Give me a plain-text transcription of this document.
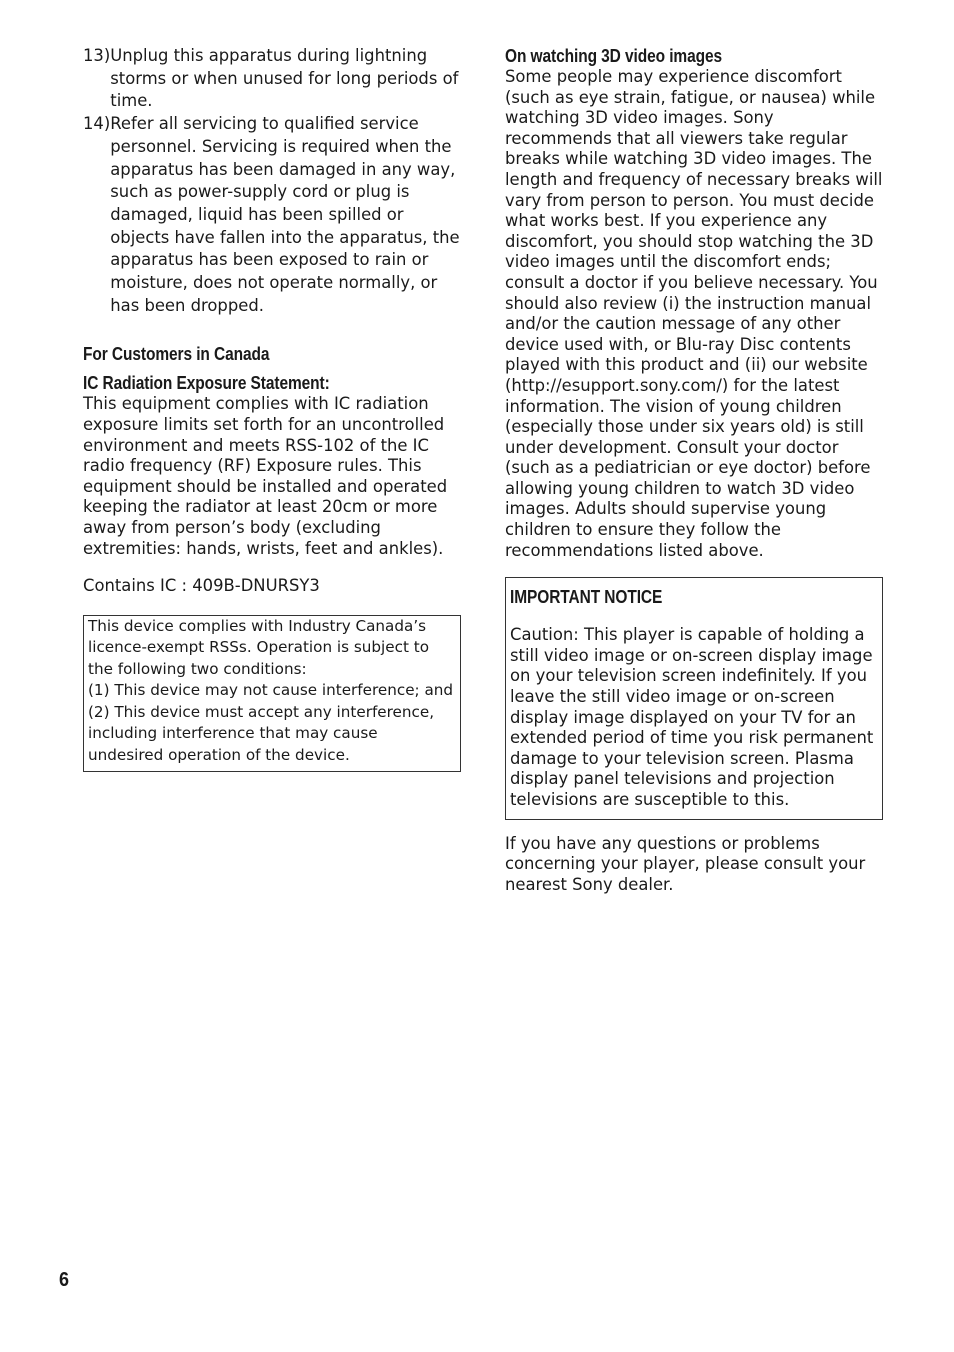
13) Unplug this apparatus during lightning storms or when unused for long periods of time.
14) Refer all servicing to qualified service personnel. Servicing is required when the apparatus has been damaged in any way, such as power-supply cord or plug is damaged, liquid has been spilled or objects have fallen into the apparatus, the apparatus has been exposed to rain or moisture, does not operate normally, or has been dropped.
For Customers in Canada
IC Radiation Exposure Statement:

This equipment complies with IC radiation exposure limits set forth for an uncontrolled environment and meets RSS-102 of the IC radio frequency (RF) Exposure rules. This equipment should be installed and operated keeping the radiator at least 20cm or more away from person’s body (excluding extremities: hands, wrists, feet and ankles).

Contains IC : 409B-DNURSY3

This device complies with Industry Canada’s licence-exempt RSSs. Operation is subject to the following two conditions:

(1) This device may not cause interference; and

(2) This device must accept any interference, including interference that may cause undesired operation of the device.

On watching 3D video images

Some people may experience discomfort (such as eye strain, fatigue, or nausea) while watching 3D video images. Sony recommends that all viewers take regular breaks while watching 3D video images. The length and frequency of necessary breaks will vary from person to person. You must decide what works best. If you experience any discomfort, you should stop watching the 3D video images until the discomfort ends; consult a doctor if you believe necessary. You should also review (i) the instruction manual and/or the caution message of any other device used with, or Blu-ray Disc contents played with this product and (ii) our website (http://esupport.sony.com/) for the latest information. The vision of young children (especially those under six years old) is still under development. Consult your doctor (such as a pediatrician or eye doctor) before allowing young children to watch 3D video images. Adults should supervise young children to ensure they follow the recommendations listed above.

IMPORTANT NOTICE

Caution: This player is capable of holding a still video image or on-screen display image on your television screen indefinitely. If you leave the still video image or on-screen display image displayed on your TV for an extended period of time you risk permanent damage to your television screen. Plasma display panel televisions and projection televisions are susceptible to this.

If you have any questions or problems concerning your player, please consult your nearest Sony dealer.

6
